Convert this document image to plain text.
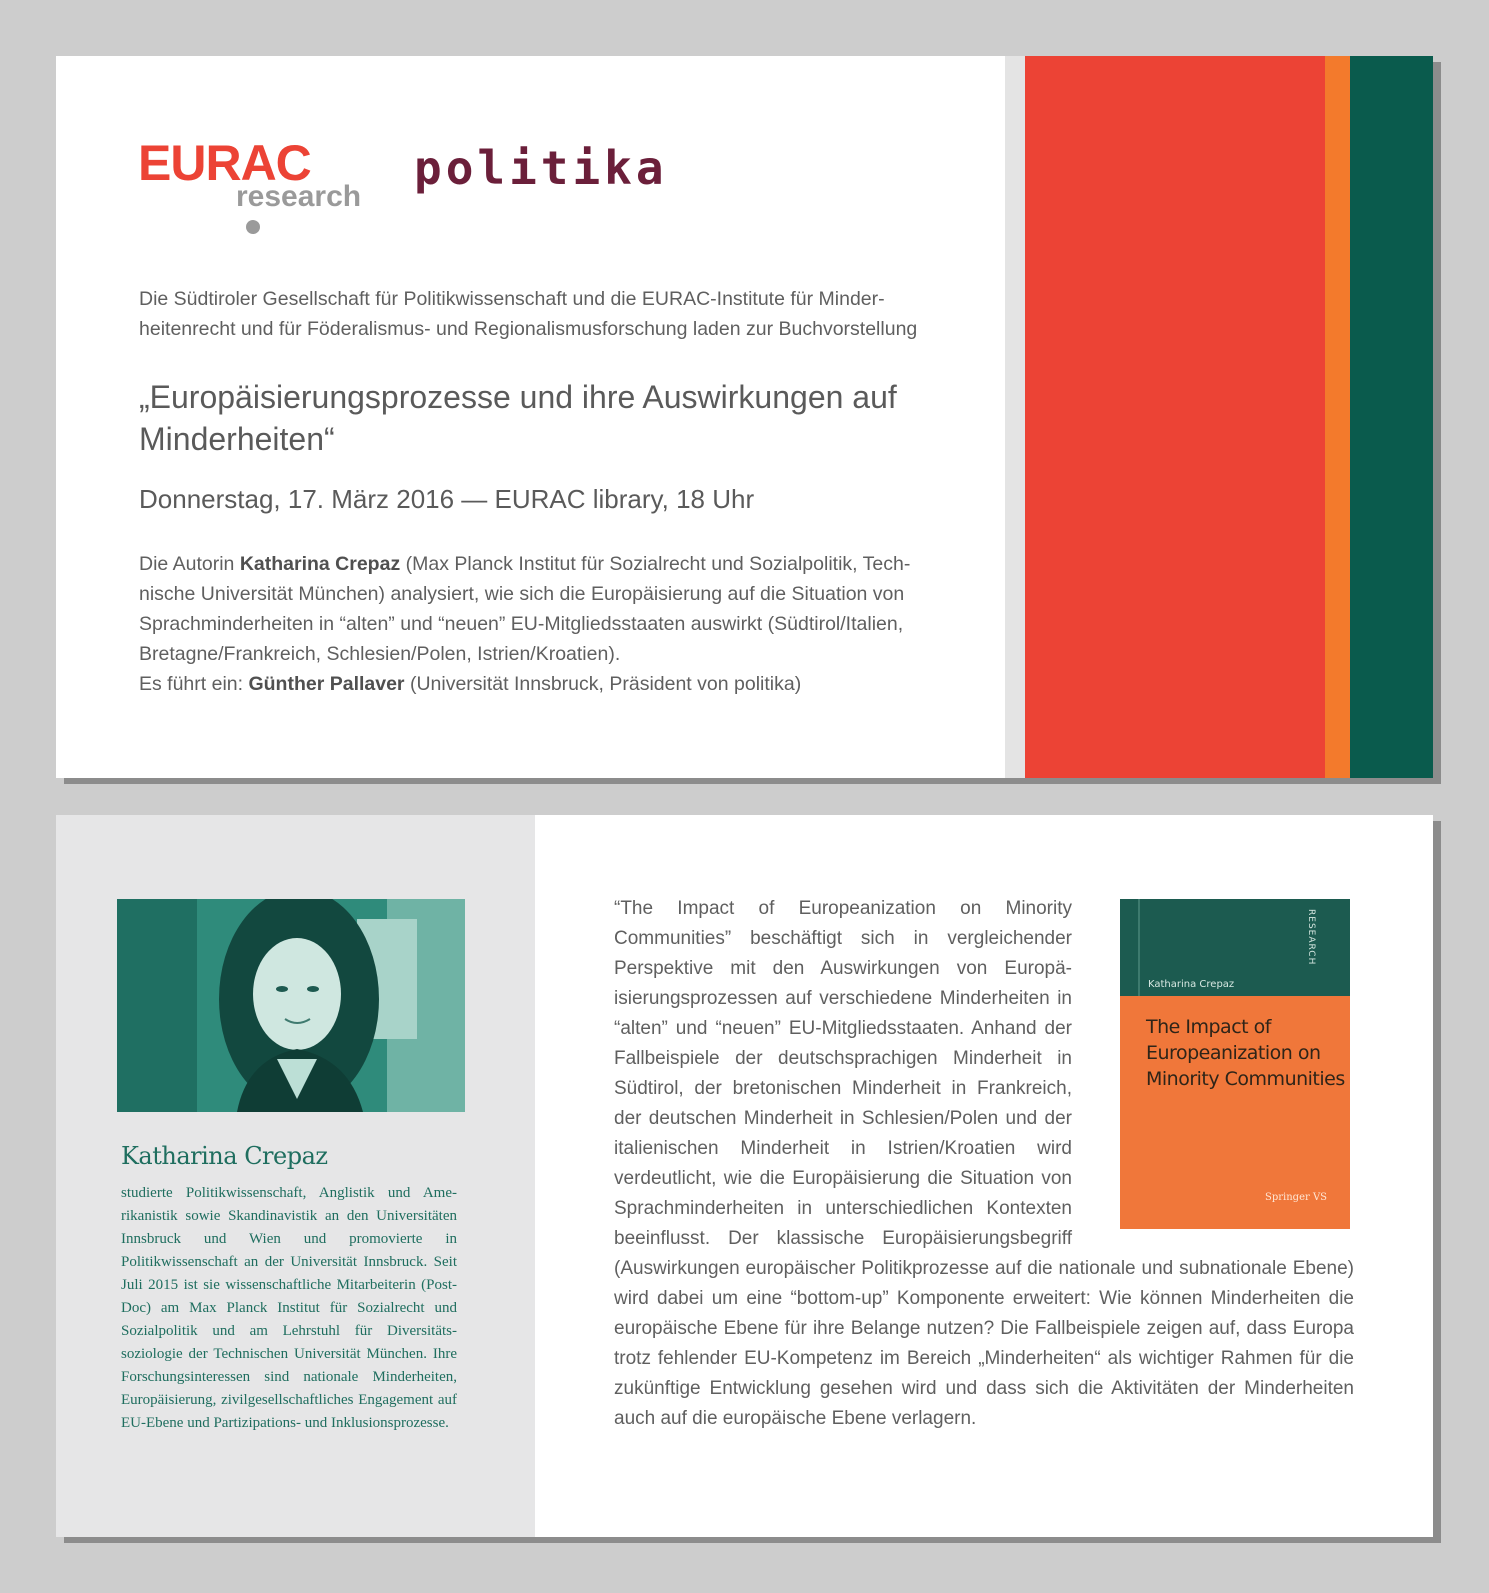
EURAC
research
politika

Die Südtiroler Gesellschaft für Politikwissenschaft und die EURAC-Institute für Minderheitenrecht und für Föderalismus- und Regionalismusforschung laden zur Buchvorstellung

„Europäisierungsprozesse und ihre Auswirkungen auf Minderheiten“

Donnerstag, 17. März 2016 — EURAC library, 18 Uhr

Die Autorin Katharina Crepaz (Max Planck Institut für Sozialrecht und Sozialpolitik, Technische Universität München) analysiert, wie sich die Europäisierung auf die Situation von Sprachminderheiten in “alten” und “neuen” EU-Mitgliedsstaaten auswirkt (Südtirol/Italien, Bretagne/Frankreich, Schlesien/Polen, Istrien/Kroatien).
Es führt ein: Günther Pallaver (Universität Innsbruck, Präsident von politika)

Katharina Crepaz

studierte Politikwissenschaft, Anglistik und Amerikanistik sowie Skandinavistik an den Universitäten Innsbruck und Wien und promovierte in Politikwissenschaft an der Universität Innsbruck. Seit Juli 2015 ist sie wissenschaftliche Mitarbeiterin (Post-Doc) am Max Planck Institut für Sozialrecht und Sozialpolitik und am Lehrstuhl für Diversitätssoziologie der Technischen Universität München. Ihre Forschungsinteressen sind nationale Minderheiten, Europäisierung, zivilgesellschaftliches Engagement auf EU-Ebene und Partizipations- und Inklusionsprozesse.

“The Impact of Europeanization on Minority Communities” beschäftigt sich in vergleichender Perspektive mit den Auswirkungen von Europäisierungsprozessen auf verschiedene Minderheiten in “alten” und “neuen” EU-Mitgliedsstaaten. Anhand der Fallbeispiele der deutschsprachigen Minderheit in Südtirol, der bretonischen Minderheit in Frankreich, der deutschen Minderheit in Schlesien/Polen und der italienischen Minderheit in Istrien/Kroatien wird verdeutlicht, wie die Europäisierung die Situation von Sprachminderheiten in unterschiedlichen Kontexten beeinflusst. Der klassische Europäisierungsbegriff (Auswirkungen europäischer Politikprozesse auf die nationale und subnationale Ebene) wird dabei um eine “bottom-up” Komponente erweitert: Wie können Minderheiten die europäische Ebene für ihre Belange nutzen? Die Fallbeispiele zeigen auf, dass Europa trotz fehlender EU-Kompetenz im Bereich „Minderheiten“ als wichtiger Rahmen für die zukünftige Entwicklung gesehen wird und dass sich die Aktivitäten der Minderheiten auch auf die europäische Ebene verlagern.

RESEARCH
Katharina Crepaz
The Impact of Europeanization on Minority Communities
Springer VS
